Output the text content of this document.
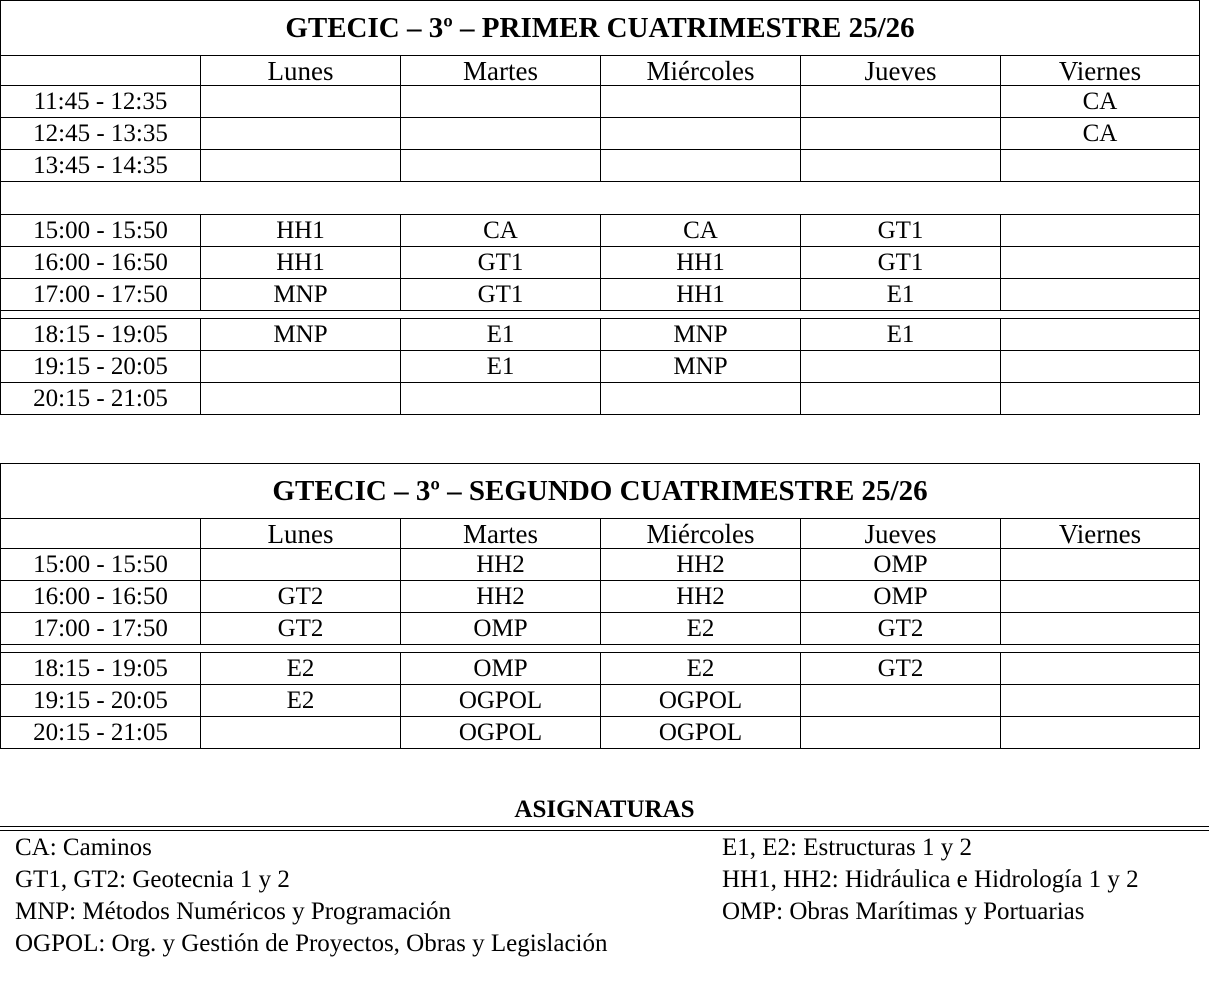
GTECIC – 3º – PRIMER CUATRIMESTRE 25/26					
	Lunes	Martes	Miércoles	Jueves	Viernes
11:45 - 12:35					CA
12:45 - 13:35					CA
13:45 - 14:35					

15:00 - 15:50	HH1	CA	CA	GT1	
16:00 - 16:50	HH1	GT1	HH1	GT1	
17:00 - 17:50	MNP	GT1	HH1	E1	

18:15 - 19:05	MNP	E1	MNP	E1	
19:15 - 20:05		E1	MNP		
20:15 - 21:05					
GTECIC – 3º – SEGUNDO CUATRIMESTRE 25/26					
	Lunes	Martes	Miércoles	Jueves	Viernes
15:00 - 15:50		HH2	HH2	OMP	
16:00 - 16:50	GT2	HH2	HH2	OMP	
17:00 - 17:50	GT2	OMP	E2	GT2	

18:15 - 19:05	E2	OMP	E2	GT2	
19:15 - 20:05	E2	OGPOL	OGPOL		
20:15 - 21:05		OGPOL	OGPOL		
ASIGNATURAS
CA: Caminos
GT1, GT2: Geotecnia 1 y 2
MNP: Métodos Numéricos y Programación
OGPOL: Org. y Gestión de Proyectos, Obras y Legislación
E1, E2: Estructuras 1 y 2
HH1, HH2: Hidráulica e Hidrología 1 y 2
OMP: Obras Marítimas y Portuarias
